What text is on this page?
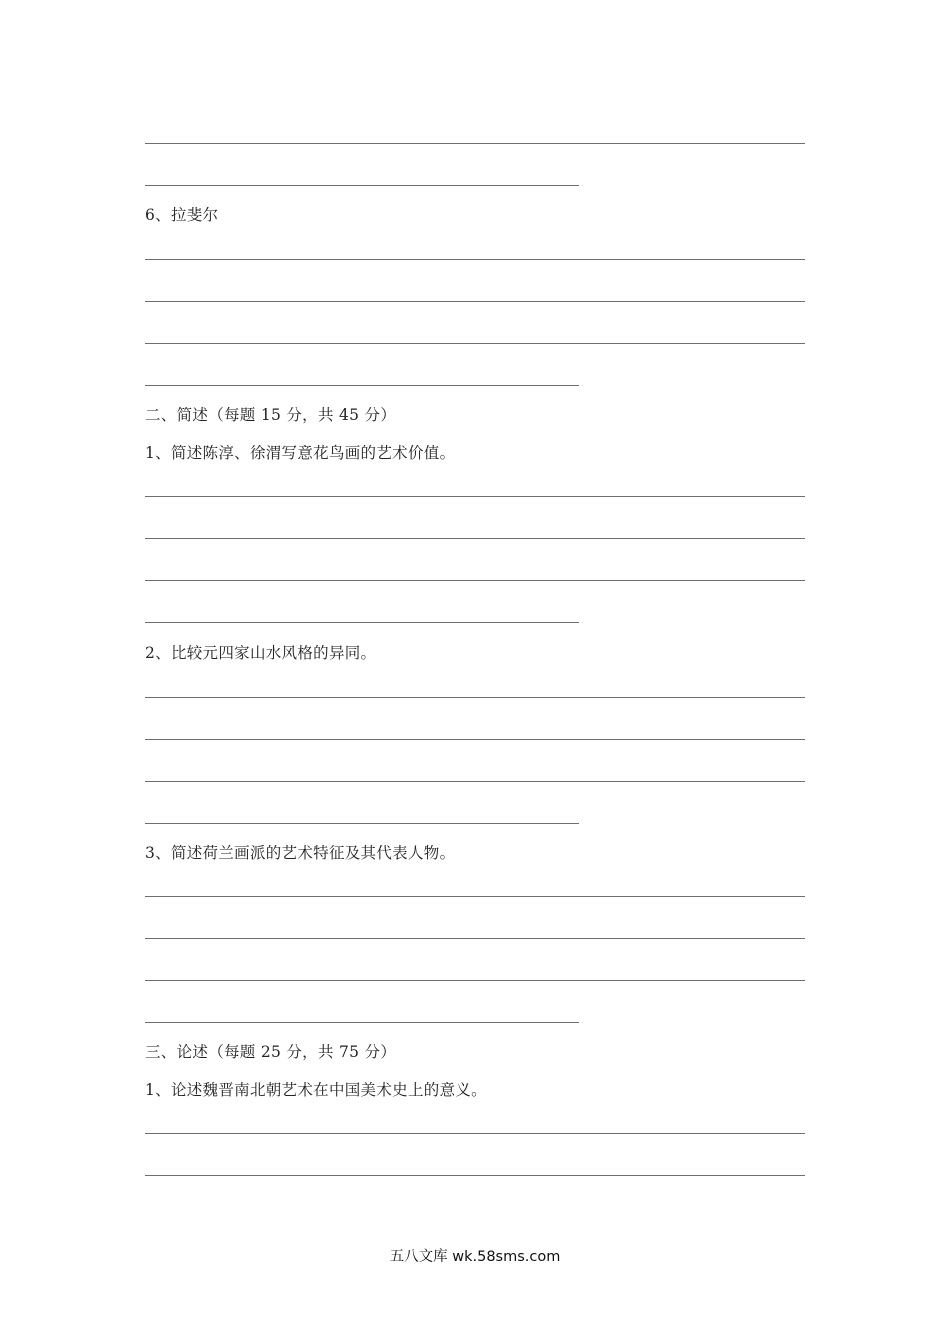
6、拉斐尔
二、简述（每题 15 分，共 45 分）
1、简述陈淳、徐渭写意花鸟画的艺术价值。
2、比较元四家山水风格的异同。
3、简述荷兰画派的艺术特征及其代表人物。
三、论述（每题 25 分，共 75 分）
1、论述魏晋南北朝艺术在中国美术史上的意义。
五八文库 wk.58sms.com
